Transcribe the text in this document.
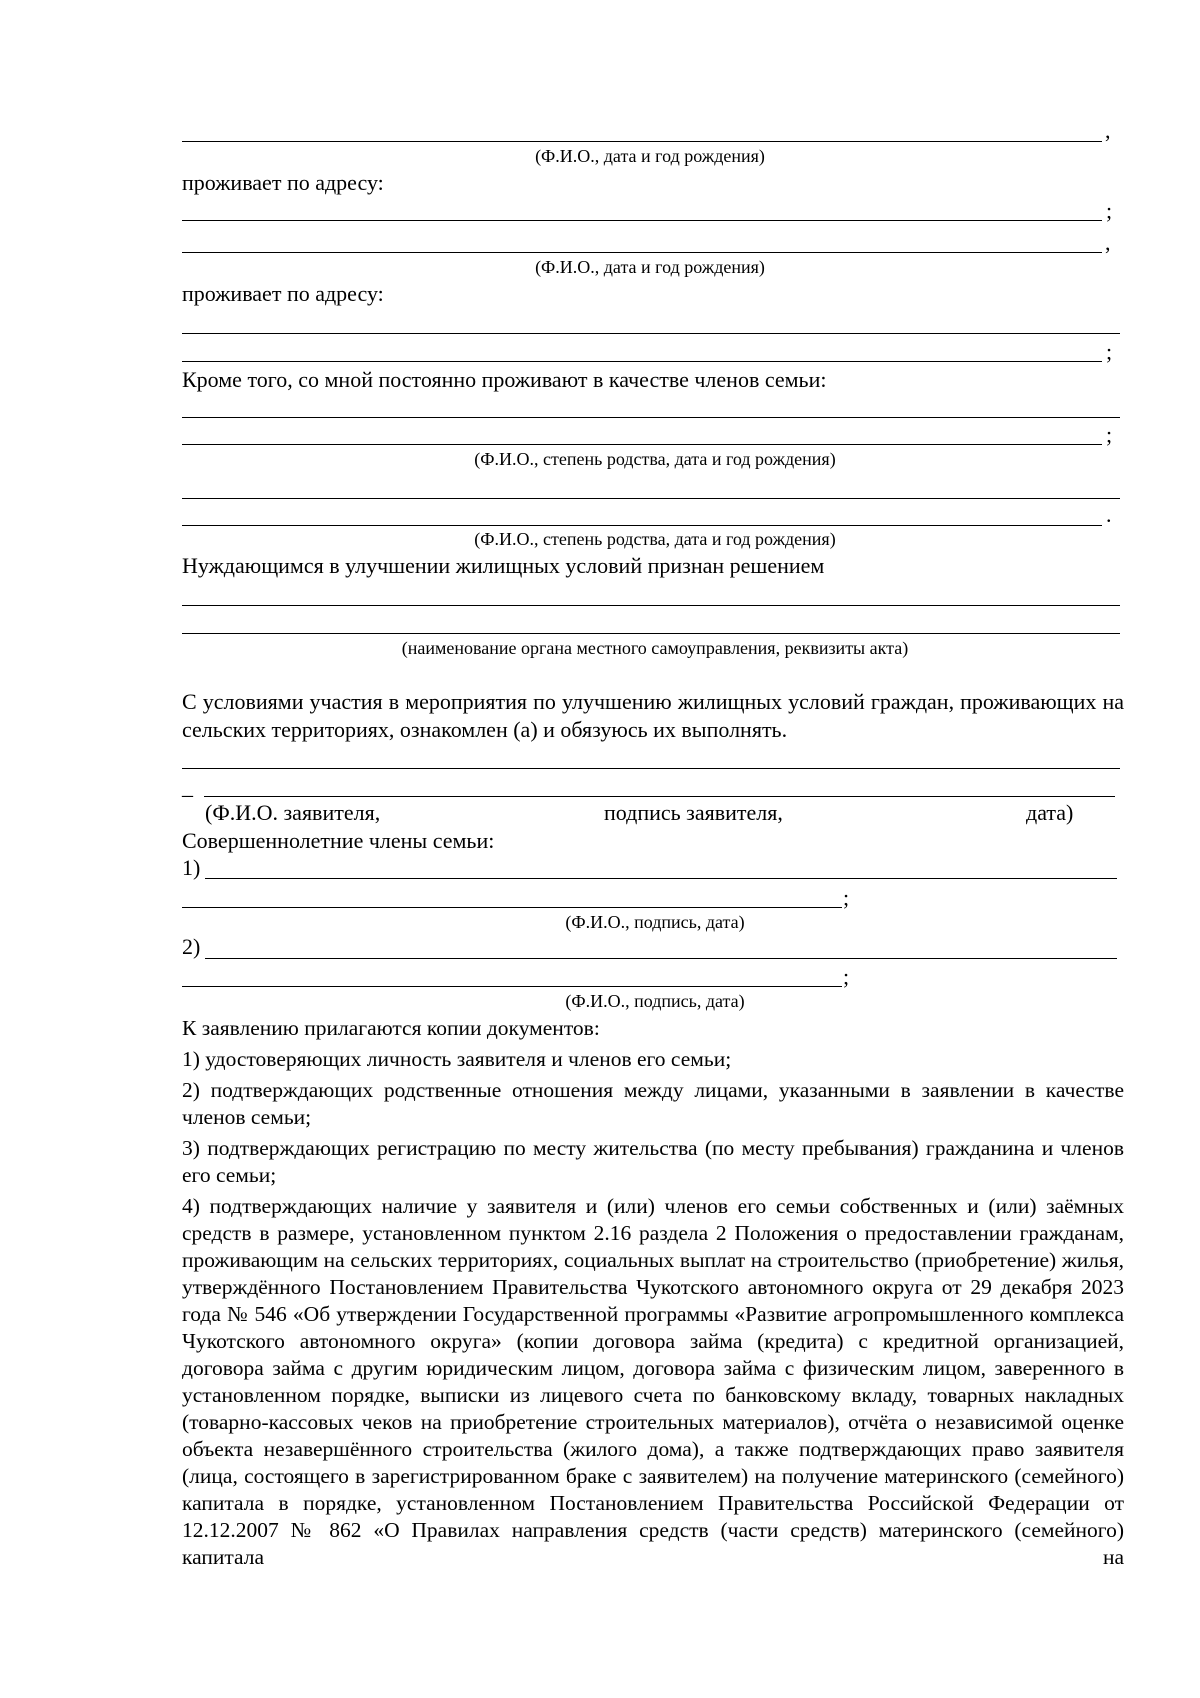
,
(Ф.И.О., дата и год рождения)
проживает по адресу:
;
,
(Ф.И.О., дата и год рождения)
проживает по адресу:
;
Кроме того, со мной постоянно проживают в качестве членов семьи:
;
(Ф.И.О., степень родства, дата и год рождения)
.
(Ф.И.О., степень родства, дата и год рождения)
Нуждающимся в улучшении жилищных условий признан решением
(наименование органа местного самоуправления, реквизиты акта)

С условиями участия в мероприятия по улучшению жилищных условий граждан, проживающих на сельских территориях, ознакомлен (а) и обязуюсь их выполнять.

_
(Ф.И.О. заявителя,	подпись заявителя,	дата)
Совершеннолетние члены семьи:
1)
;
(Ф.И.О., подпись, дата)
2)
;
(Ф.И.О., подпись, дата)

К заявлению прилагаются копии документов:

1) удостоверяющих личность заявителя и членов его семьи;

2) подтверждающих родственные отношения между лицами, указанными в заявлении в качестве членов семьи;

3) подтверждающих регистрацию по месту жительства (по месту пребывания) гражданина и членов его семьи;

4) подтверждающих наличие у заявителя и (или) членов его семьи собственных и (или) заёмных средств в размере, установленном пунктом 2.16 раздела 2 Положения о предоставлении гражданам, проживающим на сельских территориях, социальных выплат на строительство (приобретение) жилья, утверждённого Постановлением Правительства Чукотского автономного округа от 29 декабря 2023 года № 546 «Об утверждении Государственной программы «Развитие агропромышленного комплекса Чукотского автономного округа» (копии договора займа (кредита) с кредитной организацией, договора займа с другим юридическим лицом, договора займа с физическим лицом, заверенного в установленном порядке, выписки из лицевого счета по банковскому вкладу, товарных накладных (товарно-кассовых чеков на приобретение строительных материалов), отчёта о независимой оценке объекта незавершённого строительства (жилого дома), а также подтверждающих право заявителя (лица, состоящего в зарегистрированном браке с заявителем) на получение материнского (семейного) капитала в порядке, установленном Постановлением Правительства Российской Федерации от 12.12.2007 № 862 «О Правилах направления средств (части средств) материнского (семейного) капитала на
